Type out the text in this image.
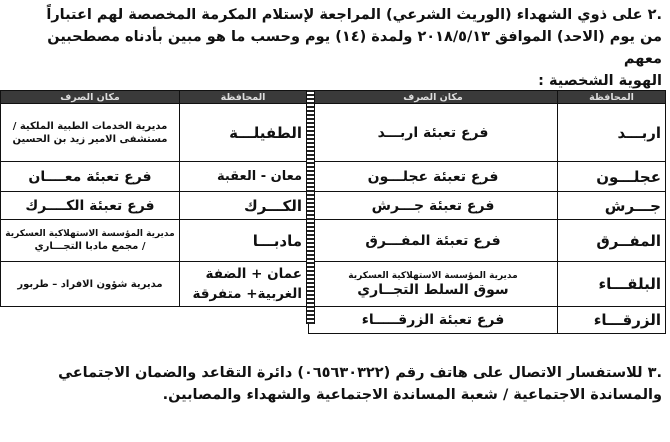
.٢ على ذوي الشهداء (الوريث الشرعي) المراجعة لإستلام المكرمة المخصصة لهم اعتباراً
من يوم (الاحد) الموافق ٢٠١٨/٥/١٣ ولمدة (١٤) يوم وحسب ما هو مبين بأدناه مصطحبين معهم
الهوية الشخصية :
المحافظة	مكان الصرف
اربـــد	فرع تعبئة اربـــد
عجلـــون	فرع تعبئة عجلـــون
جـــرش	فرع تعبئة جـــرش
المفــرق	فرع تعبئة المفـــرق
البلقـــاء	مديرية المؤسسة الاستهلاكية العسكرية
سوق السلط التجــاري

الزرقـــاء	فرع تعبئة الزرقـــــاء
المحافظة	مكان الصرف
الطفيلـــة	مديرية الخدمات الطبية الملكية /
مستشفى الامير زيد بن الحسين

معان - العقبة	فرع تعبئة معــــان
الكـــرك	فرع تعبئة الكــــرك
مادبـــا	مديرية المؤسسة الاستهلاكية العسكرية
/ مجمع مادبا التجـــاري

عمان + الضفة
الغربية+ متفرقة	مديرية شؤون الافراد – طربور

.٣ للاستفسار الاتصال على هاتف رقم (٠٦٥٦٣٠٣٢٢) دائرة التقاعد والضمان الاجتماعي
والمساندة الاجتماعية / شعبة المساندة الاجتماعية والشهداء والمصابين.
